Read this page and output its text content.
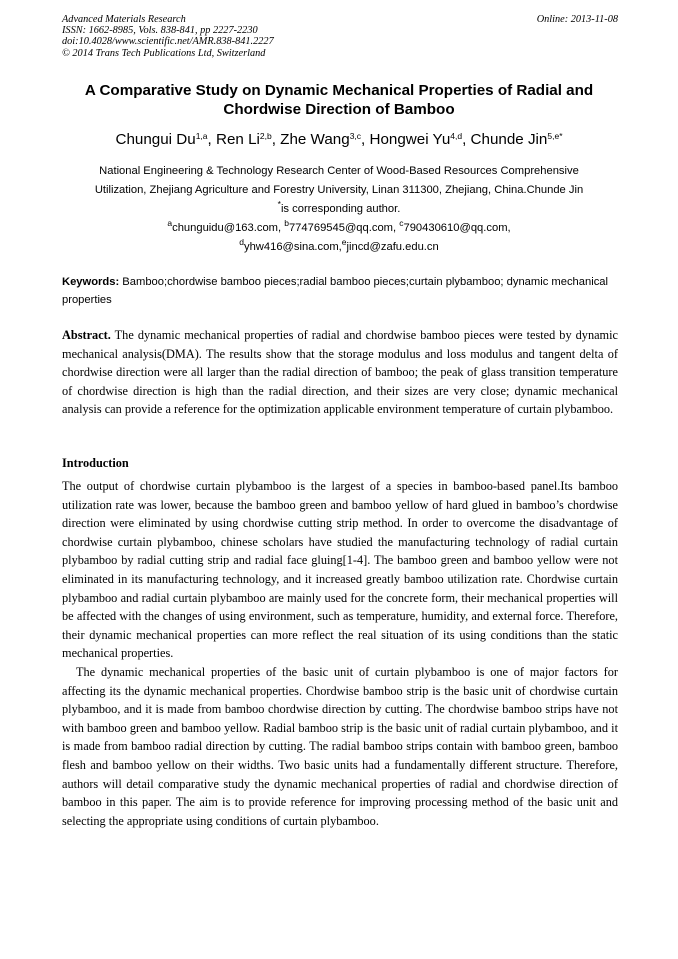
Advanced Materials Research
ISSN: 1662-8985, Vols. 838-841, pp 2227-2230
doi:10.4028/www.scientific.net/AMR.838-841.2227
© 2014 Trans Tech Publications Ltd, Switzerland
Online: 2013-11-08
A Comparative Study on Dynamic Mechanical Properties of Radial and
Chordwise Direction of Bamboo
Chungui Du$^{1,a}$, Ren Li$^{2,b}$, Zhe Wang$^{3,c}$, Hongwei Yu$^{4,d}$, Chunde Jin$^{5,e*}$
National Engineering & Technology Research Center of Wood-Based Resources Comprehensive
Utilization, Zhejiang Agriculture and Forestry University, Linan 311300, Zhejiang, China.Chunde Jin
*is corresponding author.
$^a$chunguidu@163.com, $^b$774769545@qq.com, $^c$790430610@qq.com,
$^d$yhw416@sina.com,$^e$jincd@zafu.edu.cn
Keywords: Bamboo;chordwise bamboo pieces;radial bamboo pieces;curtain plybamboo; dynamic mechanical properties
Abstract. The dynamic mechanical properties of radial and chordwise bamboo pieces were tested by dynamic mechanical analysis(DMA). The results show that the storage modulus and loss modulus and tangent delta of chordwise direction were all larger than the radial direction of bamboo; the peak of glass transition temperature of chordwise direction is high than the radial direction, and their sizes are very close; dynamic mechanical analysis can provide a reference for the optimization applicable environment temperature of curtain plybamboo.
Introduction

The output of chordwise curtain plybamboo is the largest of a species in bamboo-based panel.Its bamboo utilization rate was lower, because the bamboo green and bamboo yellow of hard glued in bamboo’s chordwise direction were eliminated by using chordwise cutting strip method. In order to overcome the disadvantage of chordwise curtain plybamboo, chinese scholars have studied the manufacturing technology of radial curtain plybamboo by radial cutting strip and radial face gluing[1-4]. The bamboo green and bamboo yellow were not eliminated in its manufacturing technology, and it increased greatly bamboo utilization rate. Chordwise curtain plybamboo and radial curtain plybamboo are mainly used for the concrete form, their mechanical properties will be affected with the changes of using environment, such as temperature, humidity, and external force. Therefore, their dynamic mechanical properties can more reflect the real situation of its using conditions than the static mechanical properties.

The dynamic mechanical properties of the basic unit of curtain plybamboo is one of major factors for affecting its the dynamic mechanical properties. Chordwise bamboo strip is the basic unit of chordwise curtain plybamboo, and it is made from bamboo chordwise direction by cutting. The chordwise bamboo strips have not with bamboo green and bamboo yellow. Radial bamboo strip is the basic unit of radial curtain plybamboo, and it is made from bamboo radial direction by cutting. The radial bamboo strips contain with bamboo green, bamboo flesh and bamboo yellow on their widths. Two basic units had a fundamentally different structure. Therefore, authors will detail comparative study the dynamic mechanical properties of radial and chordwise direction of bamboo in this paper. The aim is to provide reference for improving processing method of the basic unit and selecting the appropriate using conditions of curtain plybamboo.
